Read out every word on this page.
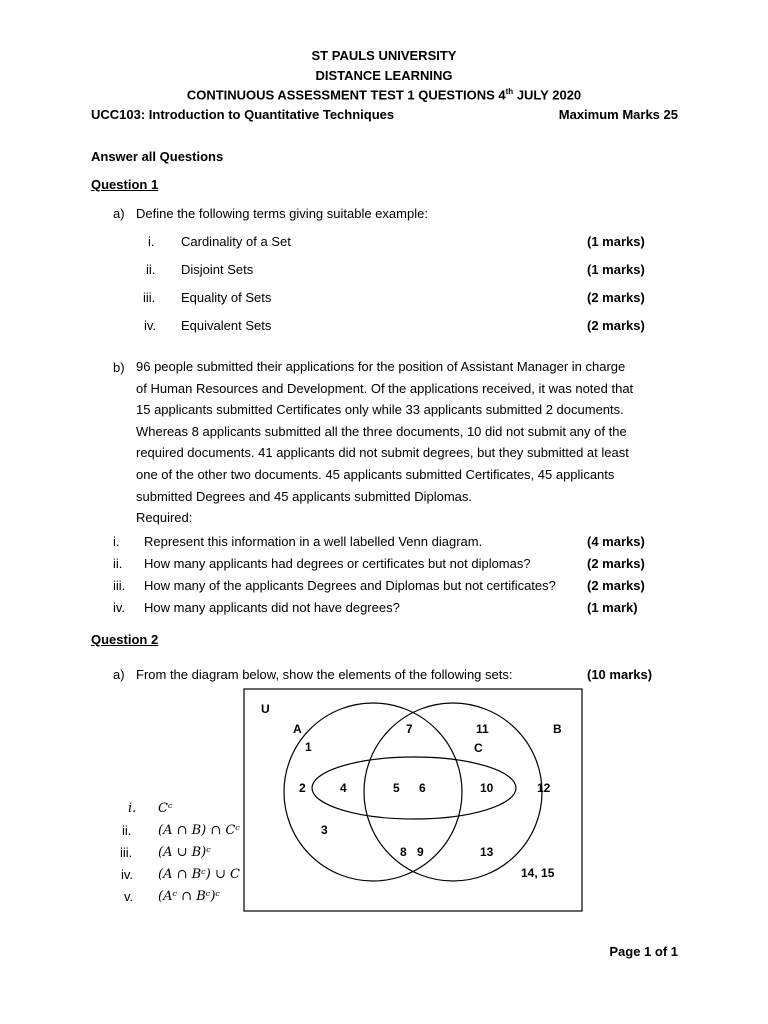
ST PAULS UNIVERSITY
DISTANCE LEARNING
CONTINUOUS ASSESSMENT TEST 1 QUESTIONS 4th JULY 2020
UCC103: Introduction to Quantitative Techniques	Maximum Marks 25
Answer all Questions
Question 1
a) Define the following terms giving suitable example:
i. Cardinality of a Set	(1 marks)
ii. Disjoint Sets	(1 marks)
iii. Equality of Sets	(2 marks)
iv. Equivalent Sets	(2 marks)
b) 96 people submitted their applications for the position of Assistant Manager in charge
of Human Resources and Development. Of the applications received, it was noted that
15 applicants submitted Certificates only while 33 applicants submitted 2 documents.
Whereas 8 applicants submitted all the three documents, 10 did not submit any of the
required documents. 41 applicants did not submit degrees, but they submitted at least
one of the other two documents. 45 applicants submitted Certificates, 45 applicants
submitted Degrees and 45 applicants submitted Diplomas.
Required:
i. Represent this information in a well labelled Venn diagram.	(4 marks)
ii. How many applicants had degrees or certificates but not diplomas?	(2 marks)
iii. How many of the applicants Degrees and Diplomas but not certificates? (2 marks)
iv. How many applicants did not have degrees?	(1 mark)
Question 2
a) From the diagram below, show the elements of the following sets:	(10 marks)
i. Cᶜ
ii. (A ∩ B) ∩ Cᶜ
iii. (A ∪ B)ᶜ
iv. (A ∩ Bᶜ) ∪ C
v. (Aᶜ ∩ Bᶜ)ᶜ
U
A	B
C
1
2
3
4	5 6
7
8 9
10
11
12
13
14, 15
Page 1 of 1
